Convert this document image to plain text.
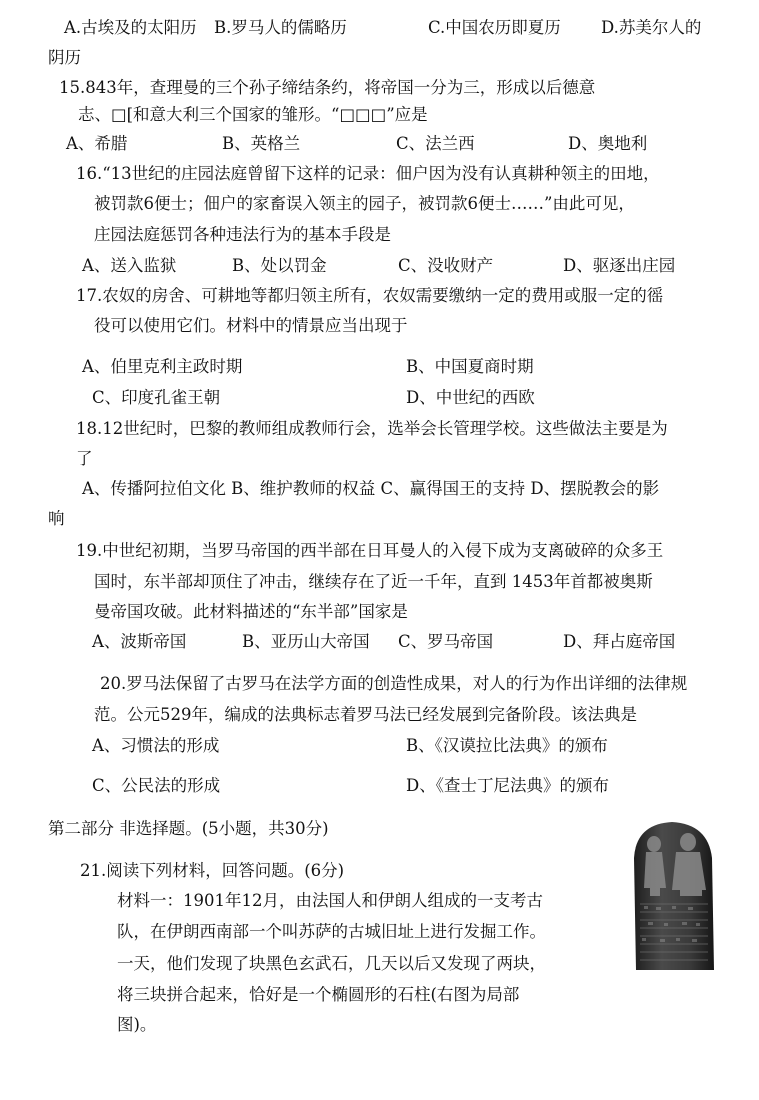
A.古埃及的太阳历 B.罗马人的儒略历	C.中国农历即夏历 D.苏美尔人的
阴历
15.843年，查理曼的三个孙子缔结条约，将帝国一分为三，形成以后德意
志、□[和意大利三个国家的雏形。“□□□”应是
A、希腊	B、英格兰	C、法兰西	D、奥地利
16.“13世纪的庄园法庭曾留下这样的记录：佃户因为没有认真耕种领主的田地，
被罚款6便士；佃户的家畜误入领主的园子，被罚款6便士……”由此可见，
庄园法庭惩罚各种违法行为的基本手段是
A、送入监狱	B、处以罚金	C、没收财产	D、驱逐出庄园
17.农奴的房舍、可耕地等都归领主所有，农奴需要缴纳一定的费用或服一定的徭
役可以使用它们。材料中的情景应当出现于
A、伯里克利主政时期	B、中国夏商时期
C、印度孔雀王朝	D、中世纪的西欧
18.12世纪时，巴黎的教师组成教师行会，选举会长管理学校。这些做法主要是为
了
A、传播阿拉伯文化 B、维护教师的权益 C、赢得国王的支持 D、摆脱教会的影
响
19.中世纪初期，当罗马帝国的西半部在日耳曼人的入侵下成为支离破碎的众多王
国时，东半部却顶住了冲击，继续存在了近一千年，直到 1453年首都被奥斯
曼帝国攻破。此材料描述的“东半部”国家是
A、波斯帝国	B、亚历山大帝国 C、罗马帝国	D、拜占庭帝国
20.罗马法保留了古罗马在法学方面的创造性成果，对人的行为作出详细的法律规
范。公元529年，编成的法典标志着罗马法已经发展到完备阶段。该法典是
A、习惯法的形成	B、《汉谟拉比法典》的颁布
C、公民法的形成	D、《查士丁尼法典》的颁布
第二部分 非选择题。(5小题，共30分)
21.阅读下列材料，回答问题。(6分)
材料一：1901年12月，由法国人和伊朗人组成的一支考古
队，在伊朗西南部一个叫苏萨的古城旧址上进行发掘工作。
一天，他们发现了块黑色玄武石，几天以后又发现了两块，
将三块拼合起来，恰好是一个椭圆形的石柱(右图为局部
图)。
